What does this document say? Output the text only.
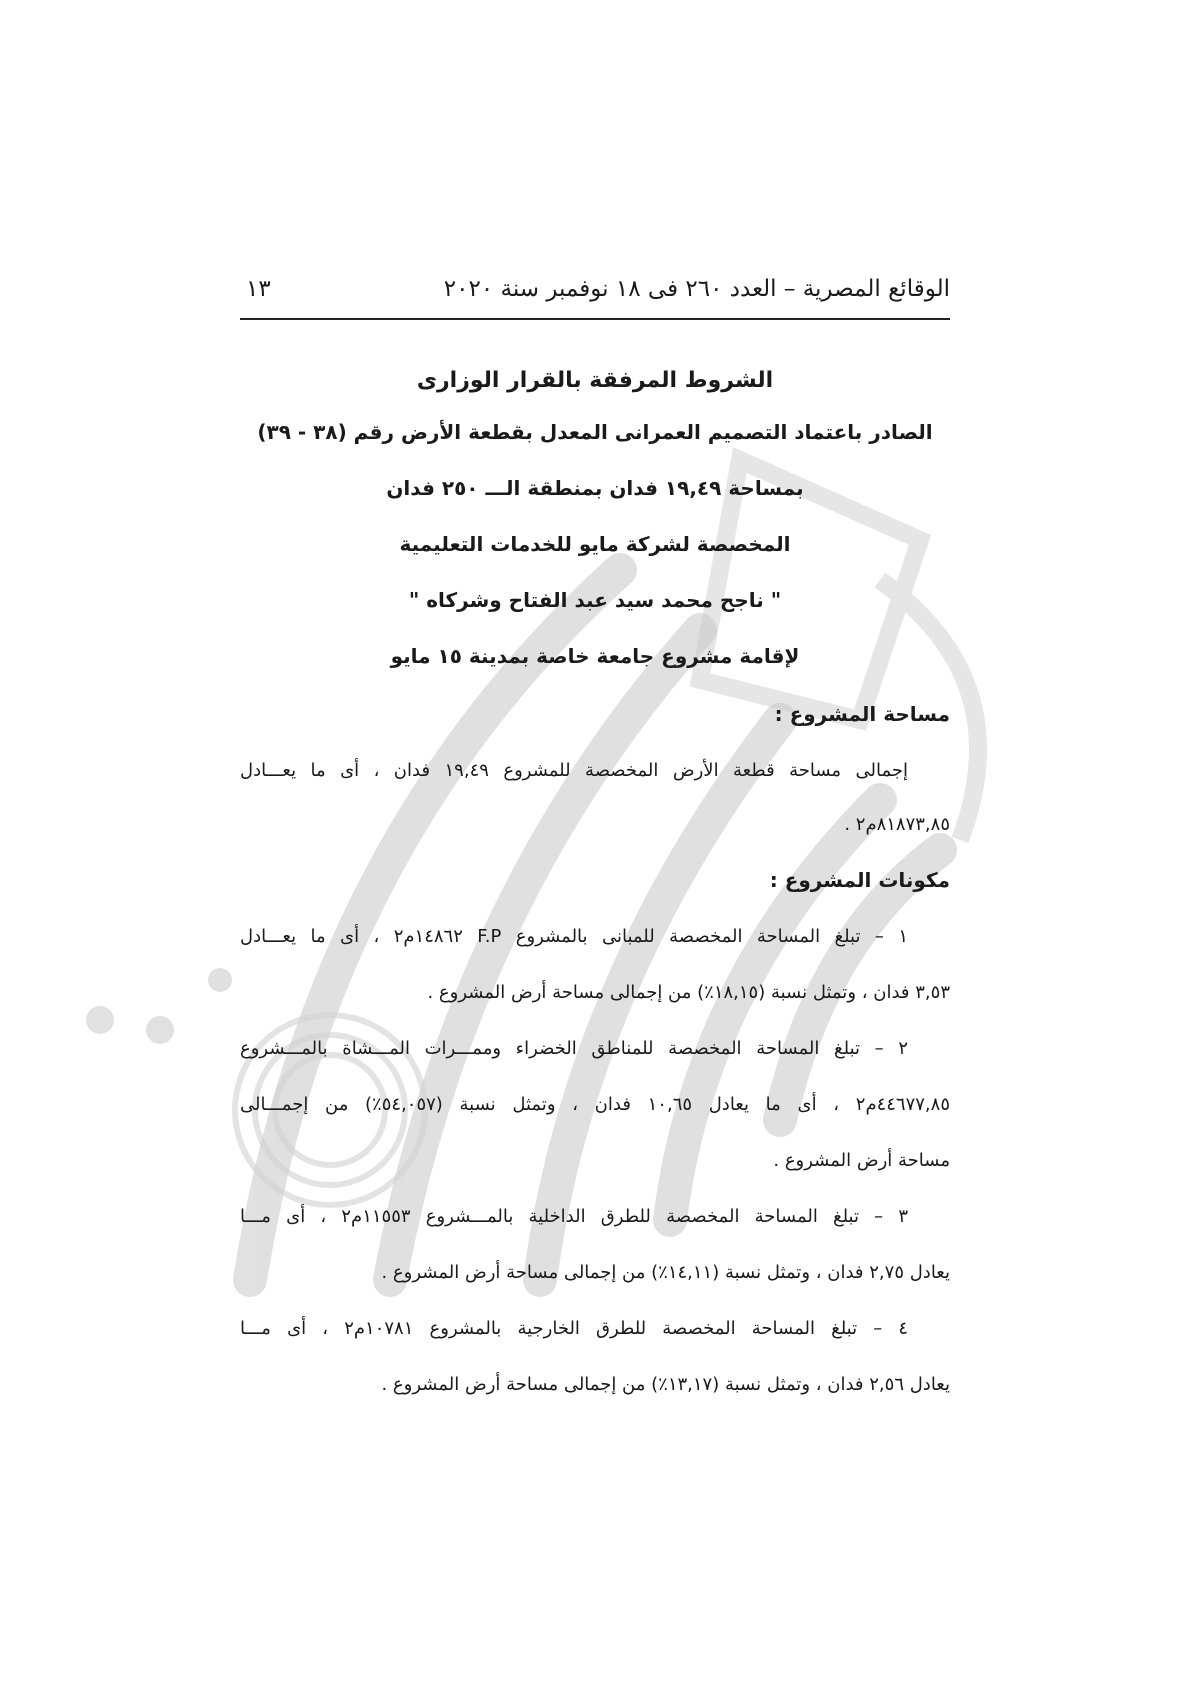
الوقائع المصرية – العدد ٢٦٠ فى ١٨ نوفمبر سنة ٢٠٢٠
١٣
الشروط المرفقة بالقرار الوزارى
الصادر باعتماد التصميم العمرانى المعدل بقطعة الأرض رقم (٣٨ - ٣٩)
بمساحة ١٩,٤٩ فدان بمنطقة الـــ ٢٥٠ فدان
المخصصة لشركة مايو للخدمات التعليمية
" ناجح محمد سيد عبد الفتاح وشركاه "
لإقامة مشروع جامعة خاصة بمدينة ١٥ مايو
مساحة المشروع :
إجمالى مساحة قطعة الأرض المخصصة للمشروع ١٩,٤٩ فدان ، أى ما يعـــادل
٨١٨٧٣,٨٥م٢ .
مكونات المشروع :
١ – تبلغ المساحة المخصصة للمبانى بالمشروع F.P ١٤٨٦٢م٢ ، أى ما يعـــادل
٣,٥٣ فدان ، وتمثل نسبة (١٨,١٥٪) من إجمالى مساحة أرض المشروع .
٢ – تبلغ المساحة المخصصة للمناطق الخضراء وممـــرات المـــشاة بالمـــشروع
٤٤٦٧٧,٨٥م٢ ، أى ما يعادل ١٠,٦٥ فدان ، وتمثل نسبة (٥٤,٠٥٧٪) من إجمـــالى
مساحة أرض المشروع .
٣ – تبلغ المساحة المخصصة للطرق الداخلية بالمـــشروع ١١٥٥٣م٢ ، أى مـــا
يعادل ٢,٧٥ فدان ، وتمثل نسبة (١٤,١١٪) من إجمالى مساحة أرض المشروع .
٤ – تبلغ المساحة المخصصة للطرق الخارجية بالمشروع ١٠٧٨١م٢ ، أى مـــا
يعادل ٢,٥٦ فدان ، وتمثل نسبة (١٣,١٧٪) من إجمالى مساحة أرض المشروع .
